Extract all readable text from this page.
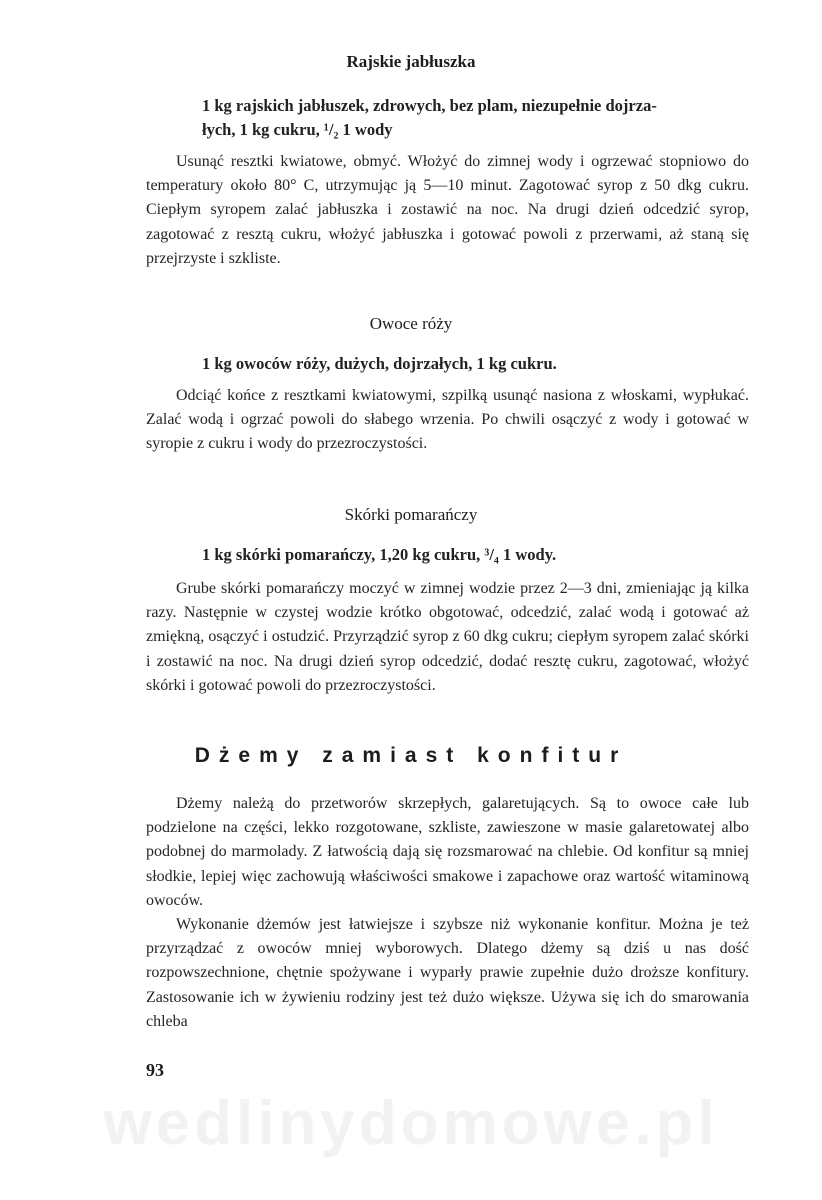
Rajskie jabłuszka
1 kg rajskich jabłuszek, zdrowych, bez plam, niezupełnie dojrza-
łych, 1 kg cukru, ¹/₂ 1 wody

Usunąć resztki kwiatowe, obmyć. Włożyć do zimnej wody i ogrzewać stopniowo do temperatury około 80° C, utrzymując ją 5—10 minut. Zagotować syrop z 50 dkg cukru. Ciepłym syropem zalać jabłuszka i zostawić na noc. Na drugi dzień odcedzić syrop, zagotować z resztą cukru, włożyć jabłuszka i gotować powoli z przerwami, aż staną się przejrzyste i szkliste.

Owoce róży
1 kg owoców róży, dużych, dojrzałych, 1 kg cukru.

Odciąć końce z resztkami kwiatowymi, szpilką usunąć nasiona z włoskami, wypłukać. Zalać wodą i ogrzać powoli do słabego wrzenia. Po chwili osączyć z wody i gotować w syropie z cukru i wody do przezroczystości.

Skórki pomarańczy
1 kg skórki pomarańczy, 1,20 kg cukru, ³/₄ 1 wody.

Grube skórki pomarańczy moczyć w zimnej wodzie przez 2—3 dni, zmieniając ją kilka razy. Następnie w czystej wodzie krótko obgotować, odcedzić, zalać wodą i gotować aż zmiękną, osączyć i ostudzić. Przyrządzić syrop z 60 dkg cukru; ciepłym syropem zalać skórki i zostawić na noc. Na drugi dzień syrop odcedzić, dodać resztę cukru, zagotować, włożyć skórki i gotować powoli do przezroczystości.

Dżemy zamiast konfitur

Dżemy należą do przetworów skrzepłych, galaretujących. Są to owoce całe lub podzielone na części, lekko rozgotowane, szkliste, zawieszone w masie galaretowatej albo podobnej do marmolady. Z łatwością dają się rozsmarować na chlebie. Od konfitur są mniej słodkie, lepiej więc zachowują właściwości smakowe i zapachowe oraz wartość witaminową owoców.

Wykonanie dżemów jest łatwiejsze i szybsze niż wykonanie konfitur. Można je też przyrządzać z owoców mniej wyborowych. Dlatego dżemy są dziś u nas dość rozpowszechnione, chętnie spożywane i wyparły prawie zupełnie dużo droższe konfitury. Zastosowanie ich w żywieniu rodziny jest też dużo większe. Używa się ich do smarowania chleba

93
wedlinydomowe.pl
